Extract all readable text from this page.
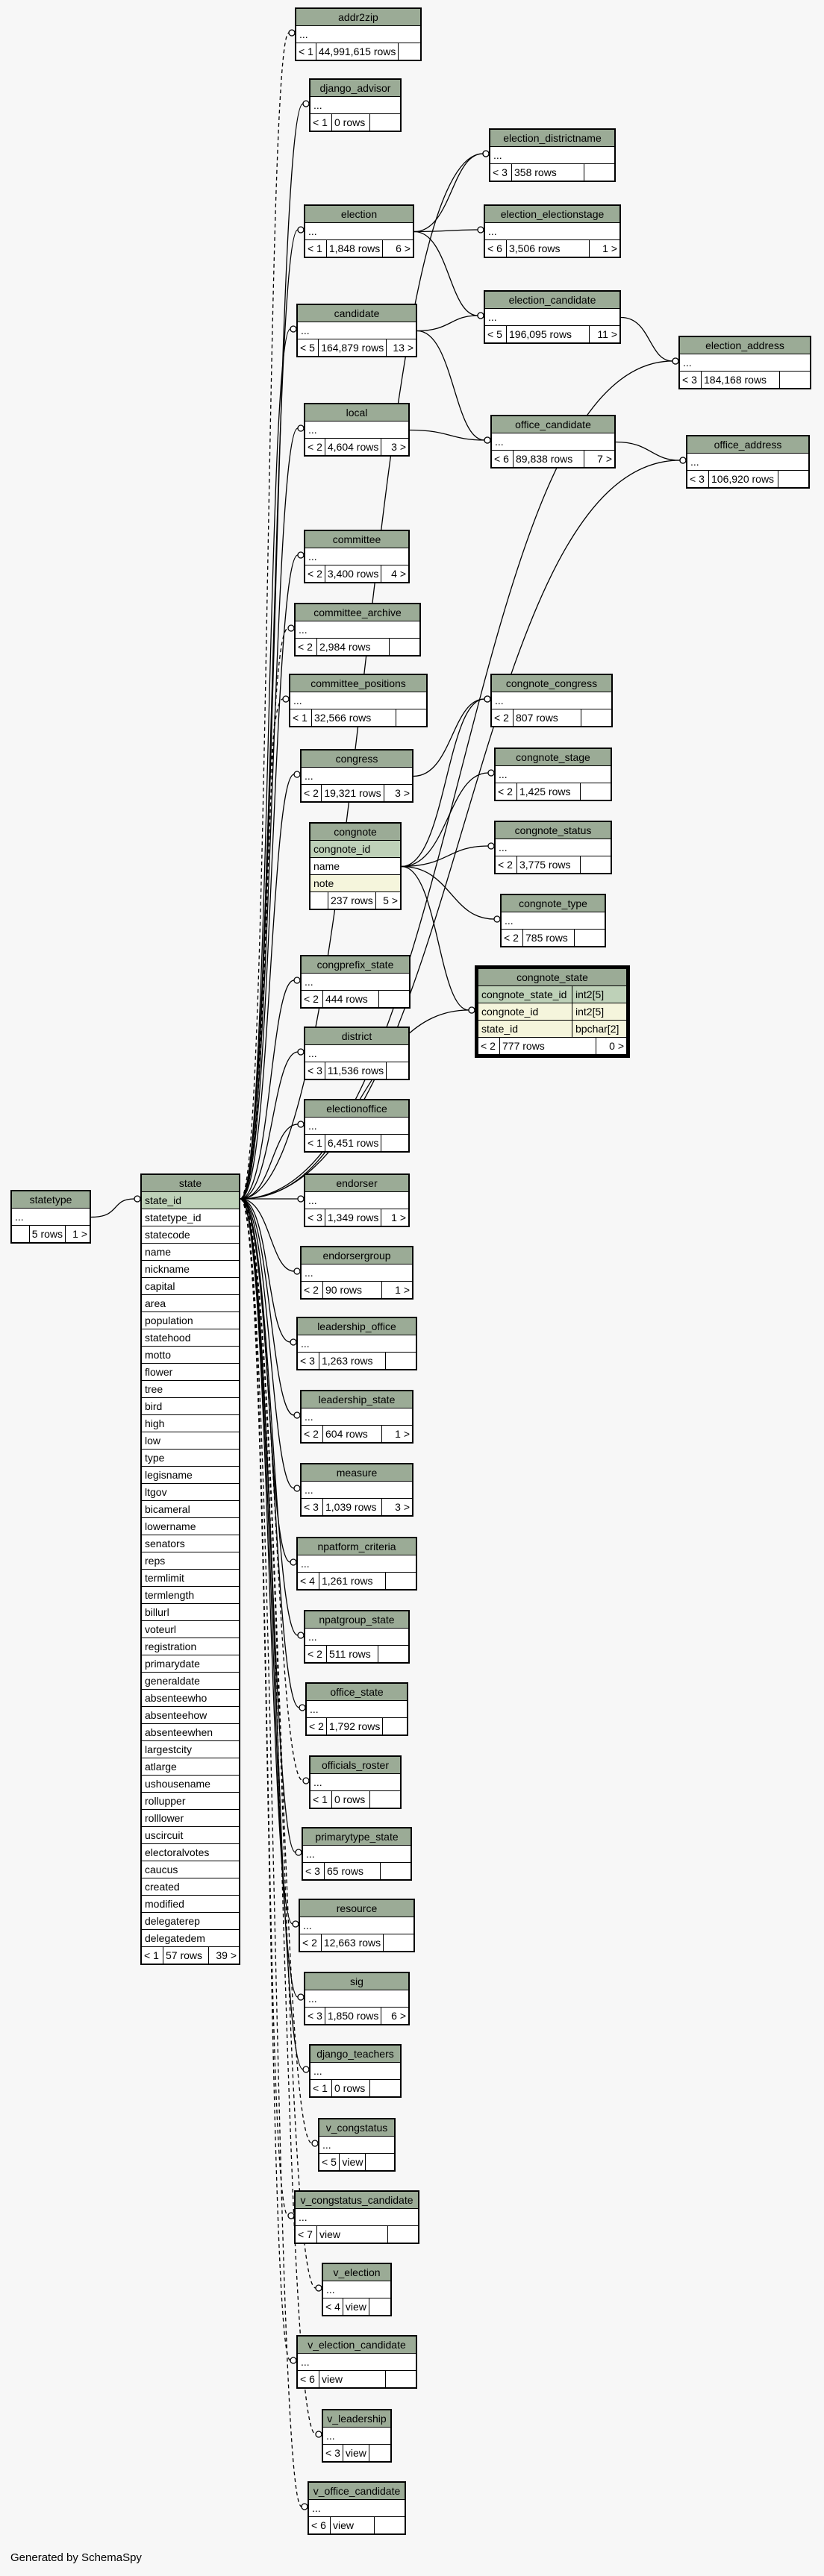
addr2zip
...
< 1 44,991,615 rows
django_advisor
...
< 1 0 rows
election_districtname
...
< 3 358 rows
election_electionstage
...
< 6 3,506 rows	1 >
election
...
< 1 1,848 rows	6 >
election_candidate
...
< 5 196,095 rows	11 >
candidate
...
< 5 164,879 rows 13 >	election_address
...
< 3 184,168 rows
local
...
< 2 4,604 rows	3 >
office_candidate
...
< 6 89,838 rows	7 >
office_address
...
< 3 106,920 rows
committee
...
< 2 3,400 rows	4 >
committee_archive
...
< 2 2,984 rows
committee_positions
...
< 1 32,566 rows
congnote_congress
...
< 2 807 rows
congress
...
< 2 19,321 rows	3 >
congnote_stage
...
< 2 1,425 rows
congnote
congnote_id
name
note
237 rows 5 >
congnote_status
...
< 2 3,775 rows
congnote_type
...
< 2 785 rows
congprefix_state
...
< 2 444 rows
congnote_state
congnote_state_id int2[5]
congnote_id	int2[5]
state_id	bpchar[2]
< 2 777 rows	0 >
district
...
< 3 11,536 rows
electionoffice
...
< 1 6,451 rows
statetype
...
5 rows 1 >
state
state_id
statetype_id
statecode
name
nickname
capital
area
population
statehood
motto
flower
tree
bird
high
low
type
legisname
ltgov
bicameral
lowername
senators
reps
termlimit
termlength
billurl
voteurl
registration
primarydate
generaldate
absenteewho
absenteehow
absenteewhen
largestcity
atlarge
ushousename
rollupper
rolllower
uscircuit
electoralvotes
caucus
created
modified
delegaterep
delegatedem
< 1 57 rows	39 >
endorser
...
< 3 1,349 rows	1 >
endorsergroup
...
< 2 90 rows	1 >
leadership_office
...
< 3 1,263 rows
leadership_state
...
< 2 604 rows	1 >
measure
...
< 3 1,039 rows	3 >
npatform_criteria
...
< 4 1,261 rows
npatgroup_state
...
< 2 511 rows
office_state
...
< 2 1,792 rows
officials_roster
...
< 1 0 rows
primarytype_state
...
< 3 65 rows
resource
...
< 2 12,663 rows
sig
...
< 3 1,850 rows	6 >
django_teachers
...
< 1 0 rows
v_congstatus
...
< 5 view
v_congstatus_candidate
...
< 7 view
v_election
...
< 4 view
v_election_candidate
...
< 6 view
v_leadership
...
< 3 view
v_office_candidate
...
< 6 view
Generated by SchemaSpy
